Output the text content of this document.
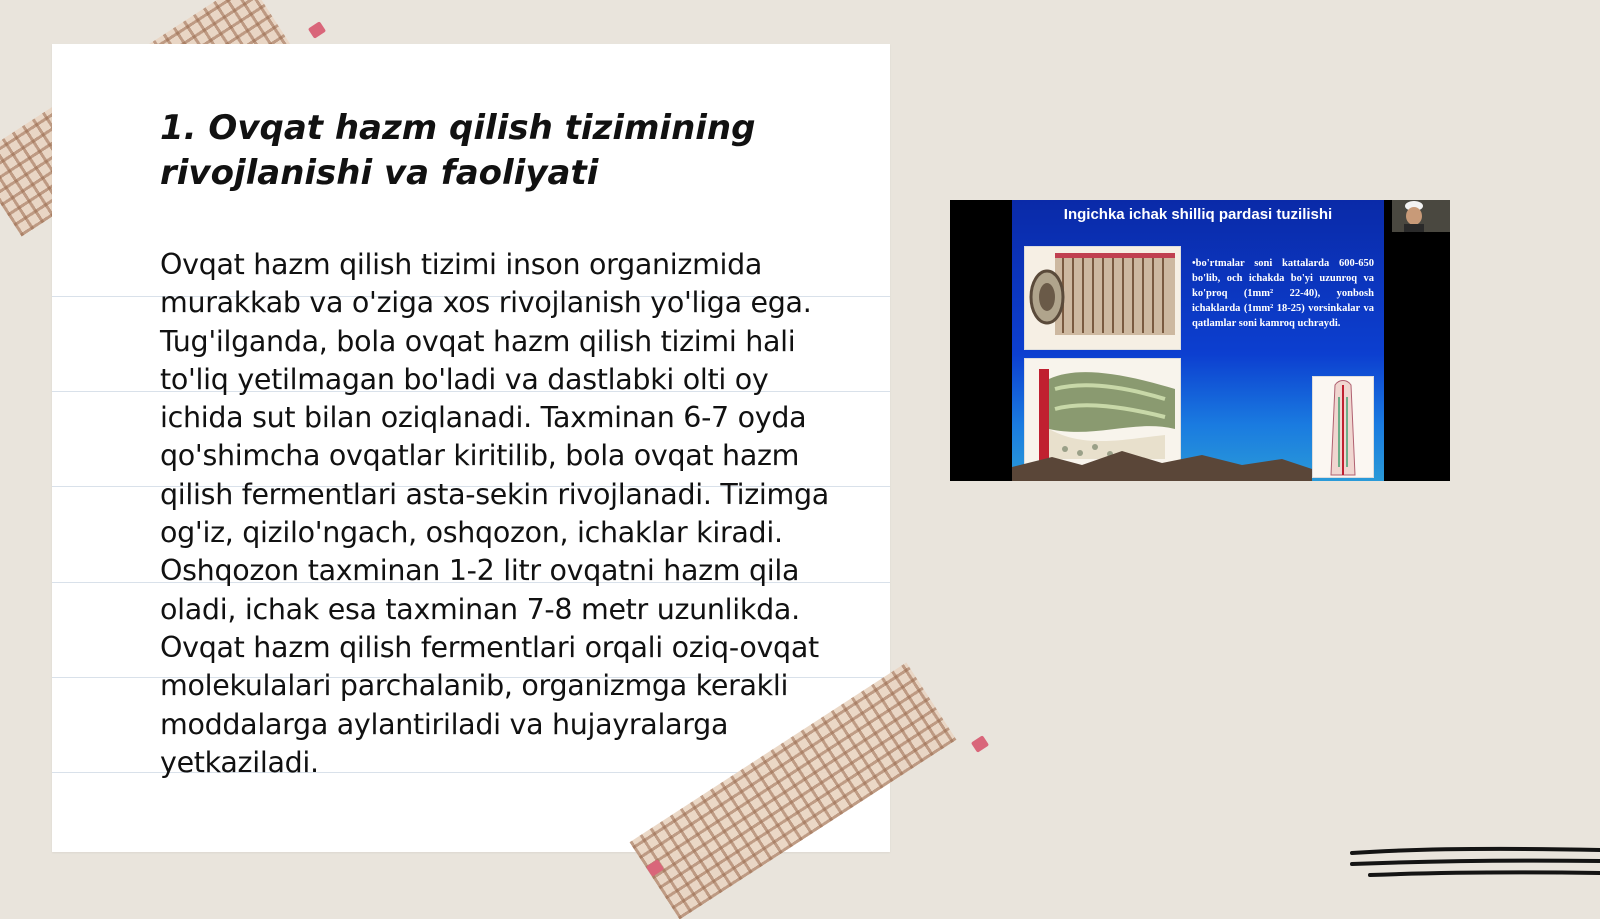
1. Ovqat hazm qilish tizimining rivojlanishi va faoliyati

Ovqat hazm qilish tizimi inson organizmida murakkab va o'ziga xos rivojlanish yo'liga ega. Tug'ilganda, bola ovqat hazm qilish tizimi hali to'liq yetilmagan bo'ladi va dastlabki olti oy ichida sut bilan oziqlanadi. Taxminan 6-7 oyda qo'shimcha ovqatlar kiritilib, bola ovqat hazm qilish fermentlari asta-sekin rivojlanadi. Tizimga og'iz, qizilo'ngach, oshqozon, ichaklar kiradi. Oshqozon taxminan 1-2 litr ovqatni hazm qila oladi, ichak esa taxminan 7-8 metr uzunlikda. Ovqat hazm qilish fermentlari orqali oziq-ovqat molekulalari parchalanib, organizmga kerakli moddalarga aylantiriladi va hujayralarga yetkaziladi.

Ingichka ichak shilliq pardasi tuzilishi
•bo'rtmalar soni kattalarda 600-650 bo'lib, och ichakda bo'yi uzunroq va ko'proq (1mm² 22-40), yonbosh ichaklarda (1mm² 18-25) vorsinkalar va qatlamlar soni kamroq uchraydi.
